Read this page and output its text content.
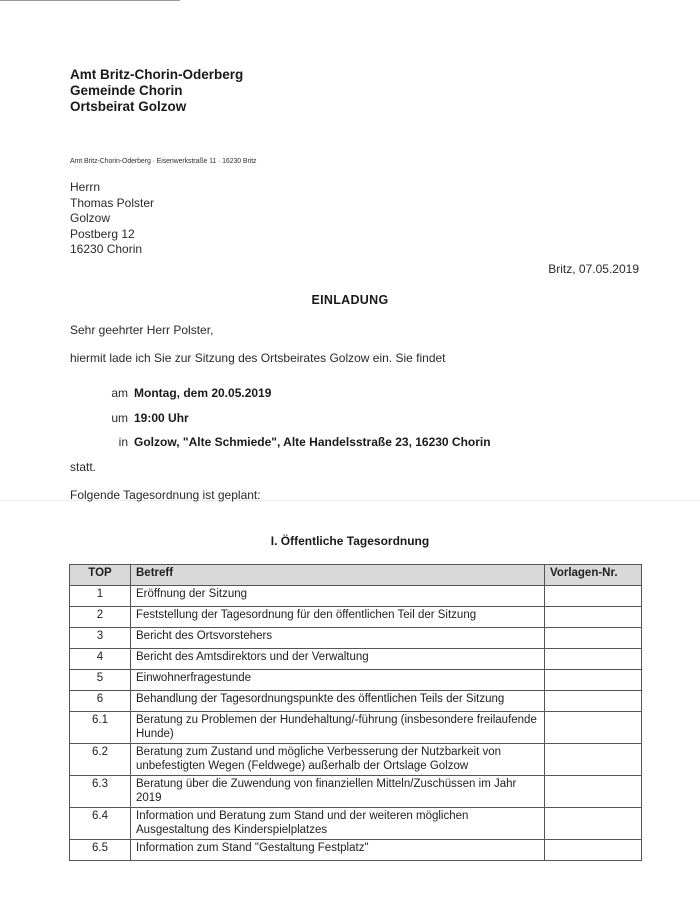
Amt Britz-Chorin-Oderberg
Gemeinde Chorin
Ortsbeirat Golzow
Amt Britz-Chorin-Oderberg · Eisenwerkstraße 11 · 16230 Britz
Herrn
Thomas Polster
Golzow
Postberg 12
16230 Chorin
Britz, 07.05.2019
EINLADUNG
Sehr geehrter Herr Polster,
hiermit lade ich Sie zur Sitzung des Ortsbeirates Golzow ein. Sie findet
am Montag, dem 20.05.2019
um 19:00 Uhr
in Golzow, "Alte Schmiede", Alte Handelsstraße 23, 16230 Chorin
statt.
Folgende Tagesordnung ist geplant:
I. Öffentliche Tagesordnung
TOP	Betreff	Vorlagen-Nr.
1	Eröffnung der Sitzung	
2	Feststellung der Tagesordnung für den öffentlichen Teil der Sitzung	
3	Bericht des Ortsvorstehers	
4	Bericht des Amtsdirektors und der Verwaltung	
5	Einwohnerfragestunde	
6	Behandlung der Tagesordnungspunkte des öffentlichen Teils der Sitzung	
6.1	Beratung zu Problemen der Hundehaltung/-führung (insbesondere freilaufende Hunde)	
6.2	Beratung zum Zustand und mögliche Verbesserung der Nutzbarkeit von unbefestigten Wegen (Feldwege) außerhalb der Ortslage Golzow	
6.3	Beratung über die Zuwendung von finanziellen Mitteln/Zuschüssen im Jahr 2019	
6.4	Information und Beratung zum Stand und der weiteren möglichen Ausgestaltung des Kinderspielplatzes	
6.5	Information zum Stand "Gestaltung Festplatz"	
